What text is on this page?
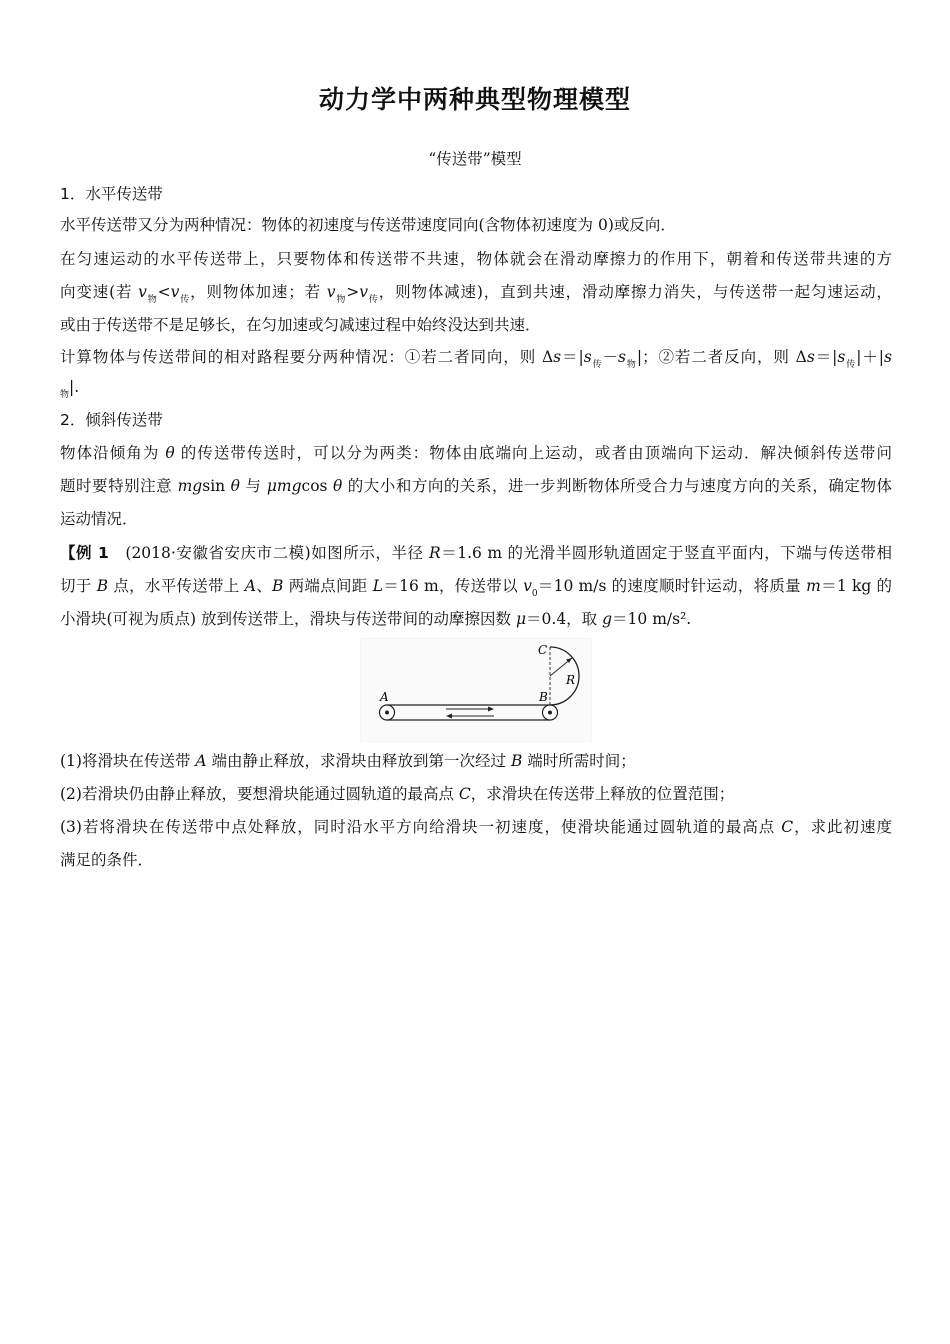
动力学中两种典型物理模型
“传送带”模型
1．水平传送带
水平传送带又分为两种情况：物体的初速度与传送带速度同向(含物体初速度为 0)或反向．
在匀速运动的水平传送带上，只要物体和传送带不共速，物体就会在滑动摩擦力的作用下，朝着和传送带共速的方
向变速(若 $v_物<v_传$，则物体加速；若 $v_物>v_传$，则物体减速)，直到共速，滑动摩擦力消失，与传送带一起匀速运动，
或由于传送带不是足够长，在匀加速或匀减速过程中始终没达到共速．
计算物体与传送带间的相对路程要分两种情况：①若二者同向，则 $\Delta s=|s_传-s_物|$；②若二者反向，则 $\Delta s=|s_传|+|s$
$_物$|.
2．倾斜传送带
物体沿倾角为 θ 的传送带传送时，可以分为两类：物体由底端向上运动，或者由顶端向下运动．解决倾斜传送带问
题时要特别注意 mgsin θ 与 μmgcos θ 的大小和方向的关系，进一步判断物体所受合力与速度方向的关系，确定物体
运动情况．
【例 1　(2018·安徽省安庆市二模)如图所示，半径 R＝1.6 m 的光滑半圆形轨道固定于竖直平面内，下端与传送带相
切于 B 点，水平传送带上 A、B 两端点间距 L＝16 m，传送带以 $v_0=10$ m/s 的速度顺时针运动，将质量 m＝1 kg 的
小滑块(可视为质点) 放到传送带上，滑块与传送带间的动摩擦因数 μ＝0.4，取 g＝10 m/s².
A	B
C
R
(1)将滑块在传送带 A 端由静止释放，求滑块由释放到第一次经过 B 端时所需时间；
(2)若滑块仍由静止释放，要想滑块能通过圆轨道的最高点 C，求滑块在传送带上释放的位置范围；
(3)若将滑块在传送带中点处释放，同时沿水平方向给滑块一初速度，使滑块能通过圆轨道的最高点 C，求此初速度
满足的条件．
